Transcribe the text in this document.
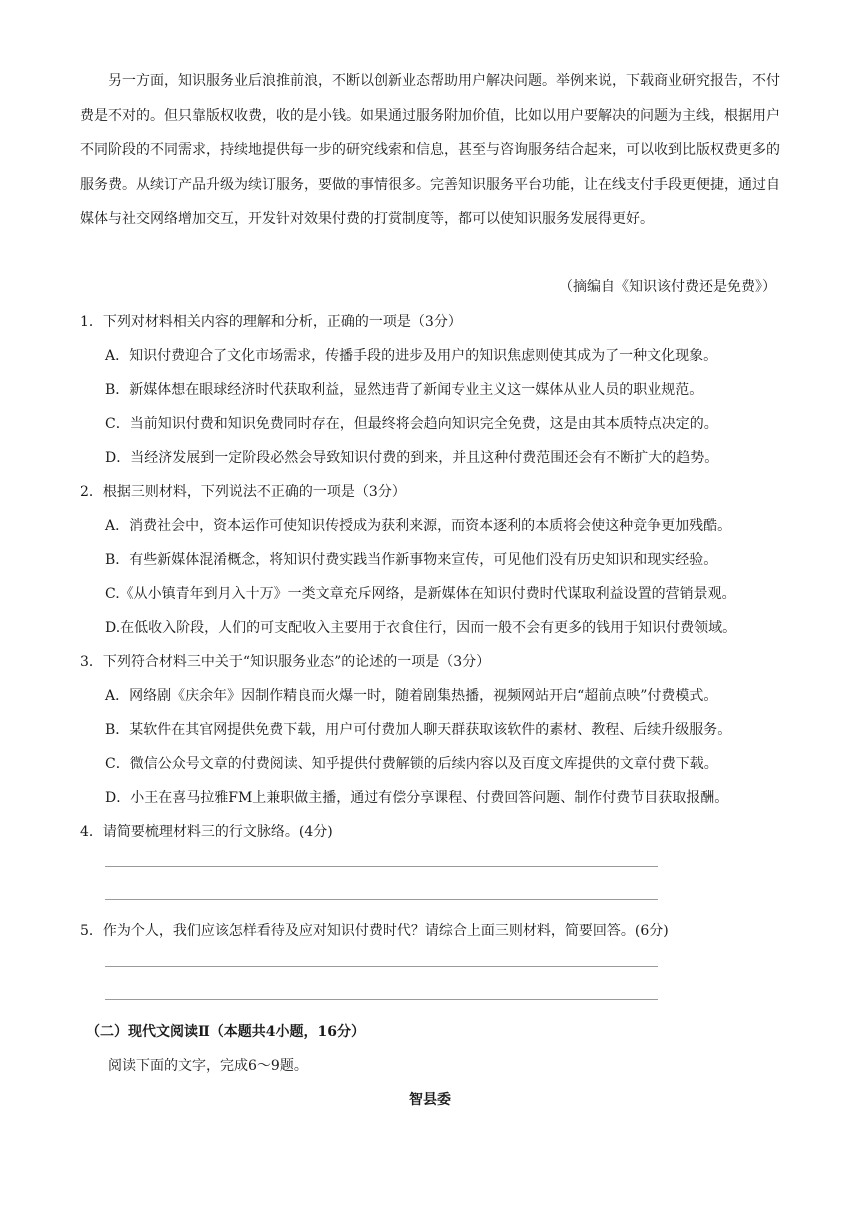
另一方面，知识服务业后浪推前浪，不断以创新业态帮助用户解决问题。举例来说，下载商业研究报告，不付费是不对的。但只靠版权收费，收的是小钱。如果通过服务附加价值，比如以用户要解决的问题为主线，根据用户不同阶段的不同需求，持续地提供每一步的研究线索和信息，甚至与咨询服务结合起来，可以收到比版权费更多的服务费。从续订产品升级为续订服务，要做的事情很多。完善知识服务平台功能，让在线支付手段更便捷，通过自媒体与社交网络增加交互，开发针对效果付费的打赏制度等，都可以使知识服务发展得更好。
（摘编自《知识该付费还是免费》）
1．下列对材料相关内容的理解和分析，正确的一项是（3分）
A．知识付费迎合了文化市场需求，传播手段的进步及用户的知识焦虑则使其成为了一种文化现象。
B．新媒体想在眼球经济时代获取利益，显然违背了新闻专业主义这一媒体从业人员的职业规范。
C．当前知识付费和知识免费同时存在，但最终将会趋向知识完全免费，这是由其本质特点决定的。
D．当经济发展到一定阶段必然会导致知识付费的到来，并且这种付费范围还会有不断扩大的趋势。
2．根据三则材料，下列说法不正确的一项是（3分）
A．消费社会中，资本运作可使知识传授成为获利来源，而资本逐利的本质将会使这种竞争更加残酷。
B．有些新媒体混淆概念，将知识付费实践当作新事物来宣传，可见他们没有历史知识和现实经验。
C.《从小镇青年到月入十万》一类文章充斥网络，是新媒体在知识付费时代谋取利益设置的营销景观。
D.在低收入阶段，人们的可支配收入主要用于衣食住行，因而一般不会有更多的钱用于知识付费领域。
3．下列符合材料三中关于“知识服务业态”的论述的一项是（3分）
A．网络剧《庆余年》因制作精良而火爆一时，随着剧集热播，视频网站开启“超前点映”付费模式。
B．某软件在其官网提供免费下载，用户可付费加人聊天群获取该软件的素材、教程、后续升级服务。
C．微信公众号文章的付费阅读、知乎提供付费解锁的后续内容以及百度文库提供的文章付费下载。
D．小王在喜马拉雅FM上兼职做主播，通过有偿分享课程、付费回答问题、制作付费节目获取报酬。
4．请简要梳理材料三的行文脉络。(4分)
5．作为个人，我们应该怎样看待及应对知识付费时代？请综合上面三则材料，简要回答。(6分)
（二）现代文阅读Ⅱ（本题共4小题，16分）
阅读下面的文字，完成6～9题。
智县委
